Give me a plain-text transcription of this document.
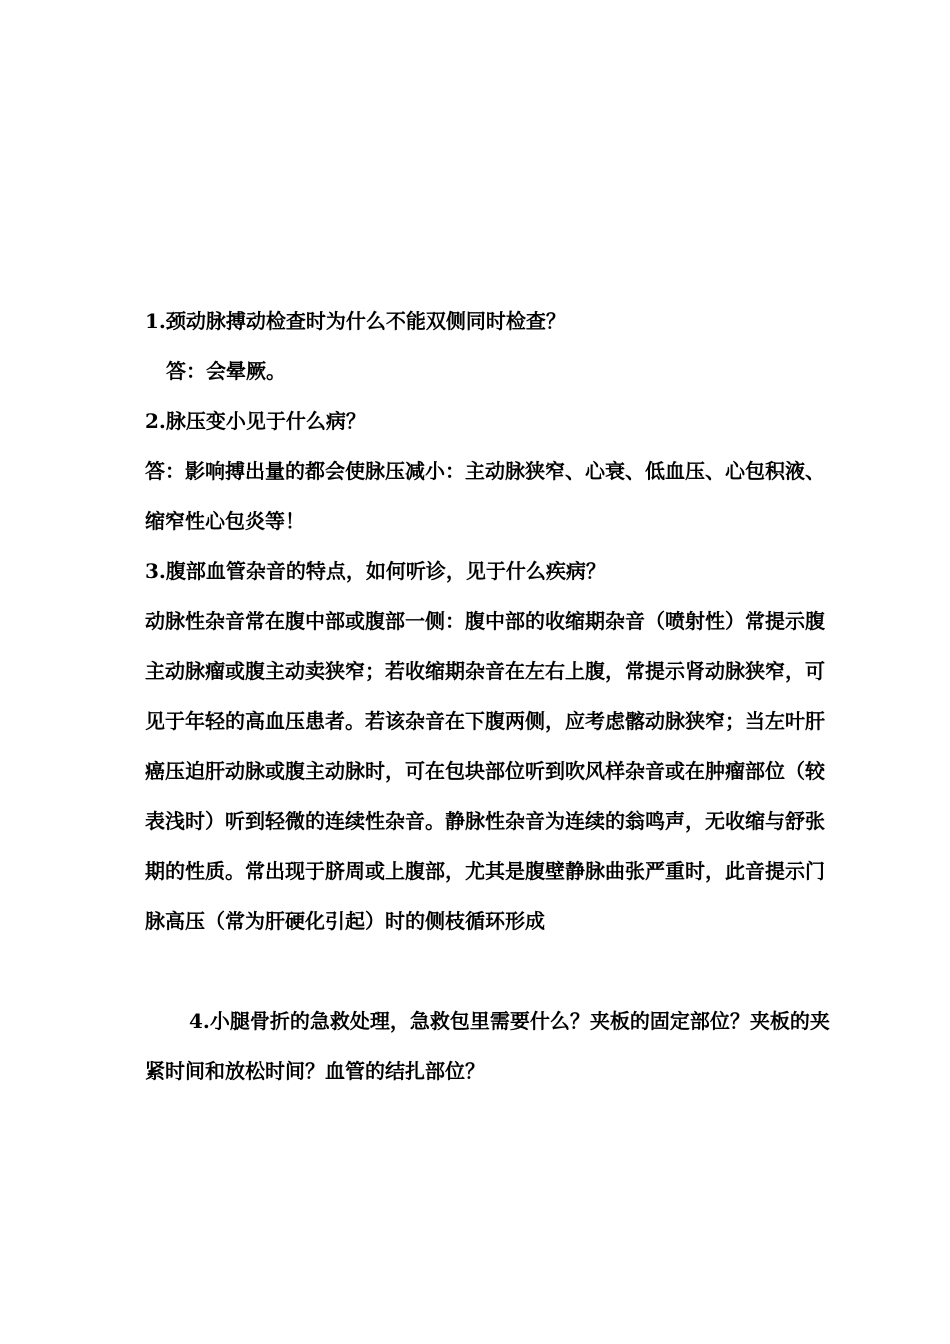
1.颈动脉搏动检查时为什么不能双侧同时检查？

答：会晕厥。

2.脉压变小见于什么病？

答：影响搏出量的都会使脉压减小：主动脉狭窄、心衰、低血压、心包积液、缩窄性心包炎等！

3.腹部血管杂音的特点，如何听诊，见于什么疾病？

动脉性杂音常在腹中部或腹部一侧：腹中部的收缩期杂音（喷射性）常提示腹主动脉瘤或腹主动卖狭窄；若收缩期杂音在左右上腹，常提示肾动脉狭窄，可见于年轻的高血压患者。若该杂音在下腹两侧，应考虑髂动脉狭窄；当左叶肝癌压迫肝动脉或腹主动脉时，可在包块部位听到吹风样杂音或在肿瘤部位（较表浅时）听到轻微的连续性杂音。静脉性杂音为连续的翁鸣声，无收缩与舒张期的性质。常出现于脐周或上腹部，尤其是腹壁静脉曲张严重时，此音提示门脉高压（常为肝硬化引起）时的侧枝循环形成

4.小腿骨折的急救处理，急救包里需要什么？夹板的固定部位？夹板的夹紧时间和放松时间？血管的结扎部位？
